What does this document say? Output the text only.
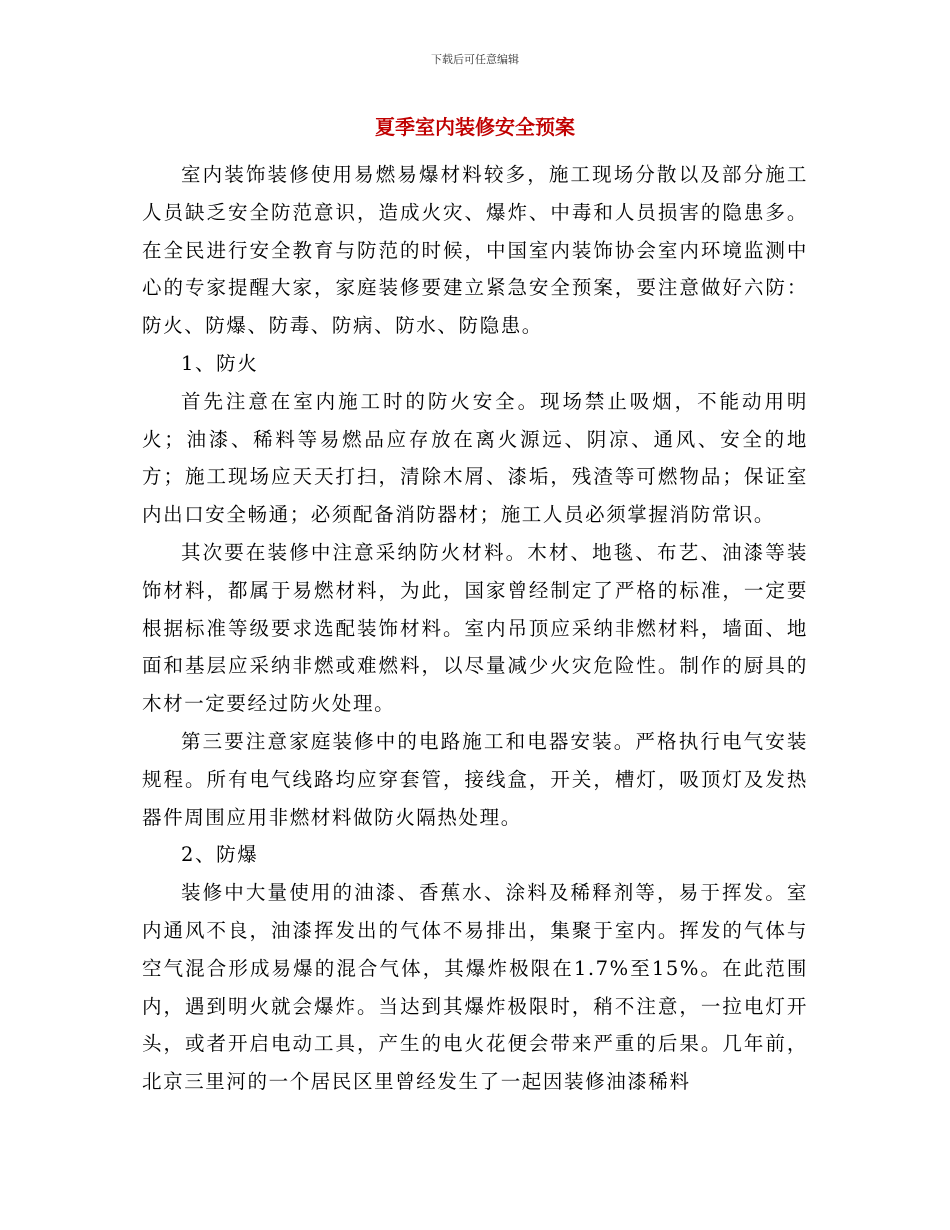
下载后可任意编辑
夏季室内装修安全预案

室内装饰装修使用易燃易爆材料较多，施工现场分散以及部分施工人员缺乏安全防范意识，造成火灾、爆炸、中毒和人员损害的隐患多。在全民进行安全教育与防范的时候，中国室内装饰协会室内环境监测中心的专家提醒大家，家庭装修要建立紧急安全预案，要注意做好六防：防火、防爆、防毒、防病、防水、防隐患。

1、防火

首先注意在室内施工时的防火安全。现场禁止吸烟，不能动用明火；油漆、稀料等易燃品应存放在离火源远、阴凉、通风、安全的地方；施工现场应天天打扫，清除木屑、漆垢，残渣等可燃物品；保证室内出口安全畅通；必须配备消防器材；施工人员必须掌握消防常识。

其次要在装修中注意采纳防火材料。木材、地毯、布艺、油漆等装饰材料，都属于易燃材料，为此，国家曾经制定了严格的标准，一定要根据标准等级要求选配装饰材料。室内吊顶应采纳非燃材料，墙面、地面和基层应采纳非燃或难燃料，以尽量减少火灾危险性。制作的厨具的木材一定要经过防火处理。

第三要注意家庭装修中的电路施工和电器安装。严格执行电气安装规程。所有电气线路均应穿套管，接线盒，开关，槽灯，吸顶灯及发热器件周围应用非燃材料做防火隔热处理。

2、防爆

装修中大量使用的油漆、香蕉水、涂料及稀释剂等，易于挥发。室内通风不良，油漆挥发出的气体不易排出，集聚于室内。挥发的气体与空气混合形成易爆的混合气体，其爆炸极限在1.7%至15%。在此范围内，遇到明火就会爆炸。当达到其爆炸极限时，稍不注意，一拉电灯开头，或者开启电动工具，产生的电火花便会带来严重的后果。几年前，北京三里河的一个居民区里曾经发生了一起因装修油漆稀料
